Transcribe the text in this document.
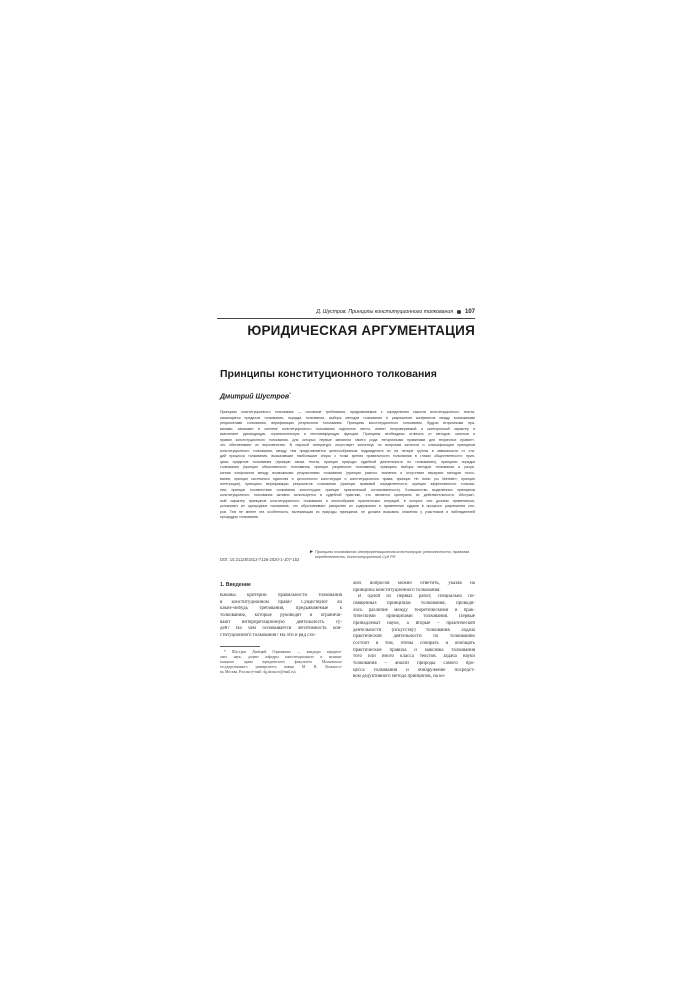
Д. Шустров. Принципы конституционного толкования 107
ЮРИДИЧЕСКАЯ АРГУМЕНТАЦИЯ
Принципы конституционного толкования
Дмитрий Шустров*
Принципы конституционного толкования — основные требования, предъявляемые к определению смысла конституционного текста,
касающиеся пределов толкования, порядка толкования, выбора методов толкования и разрешения конфликтов между возможными
результатами толкования, верификации результатов толкования. Принципы конституционного толкования, будучи вторичными пра-
вилами, занимают в системе конституционного толкования отдельное место, имеют непроверяемый и категоричный характер и
выполняют руководящую, ограничительную и легитимирующую функции. Принципы необходимо отличать от методов, канонов и
правил конституционного толкования, для которых первые являются своего рода «вторичными правилами для вторичных правил»,
что обеспечивает их верховенство. В научной литературе отсутствует консенсус по вопросам каталога и классификации принципов
конституционного толкования, между тем представляется целесообразным подразделить их на четыре группы в зависимости от ста-
дий процесса толкования, высказавшие наибольшие споры с точки зрения правильности толкования в глазах общественности: прин-
ципы пределов толкования (принцип языка текста, принцип природы судебной деятельности по толкованию), принципы порядка
толкования (принцип объективности толкования; принцип разумности толкования), принципы выбора методов толкования и разре-
шения конфликтов между возможными результатами толкования (принцип разного значения и отсутствия иерархии методов толко-
вания; принцип системного единства и целостности конституции и конституционного права; принцип «in dubio pro libertate»; принцип
интеграции), принципы верификации результатов толкования (принцип правовой определенности; принцип эффективности толкова-
ния; принцип соответствия толкования конституции; принцип практической согласованности). Большинство выделенных принципов
конституционного толкования активно используется в судебной практике, что является критерием их действительности. Абстракт-
ный характер принципов конституционного толкования и многообразие практических ситуаций, в которых они должны применяться,
усложняют их однородное понимание, что обусловливает раскрытие их содержания и применения судами в процессе разрешения спо-
ров. Тем не менее эта особенность, вытекающая из природы принципов, не должна вызывать опасения у участников и наблюдателей
процедуры толкования.
► Принципы толкования; интерпретационная конституция; резонансность; правовая определенность; Конституционный Суд РФ
DOI: 10.21128/1812-7126-2020-1-107-152
1. Введение
Каковы критерии правильности толкования
в конституционном праве? Существуют ли
какие-нибудь требования, предъявляемые к
толкованию, которые руководят и ограничи-
вают интерпретационную деятельность су-
дей? На чём основывается легитимность кон-
ституционного толкования? На эти и ряд схо-
* Шустров Дмитрий Германович — кандидат юридиче-
ских наук, доцент кафедры конституционного и муници-
пального права юридического факультета Московского
государственного университета имени М. В. Ломоносо-
ва, Москва, Россия (e-mail: dg.shustrov@mail.ru).
жих вопросов можно ответить, указав на
принципы конституционного толкования.
В одной из первых работ, специально по-
свящённых принципам толкования, проводи-
лось различие между теоретическими и прак-
тическими принципами толкования. Первые
принадлежат науке, а вторые – практической
деятельности (искусству) толкования. Задача
практической деятельности по толкованию
состоит в том, чтобы собирать и обобщать
практические правила и максимы толкования
того или иного класса текстов. Задача науки
толкования – анализ природы самого про-
цесса толкования и обнаружение посредст-
вом дедуктивного метода принципов, на ко-
